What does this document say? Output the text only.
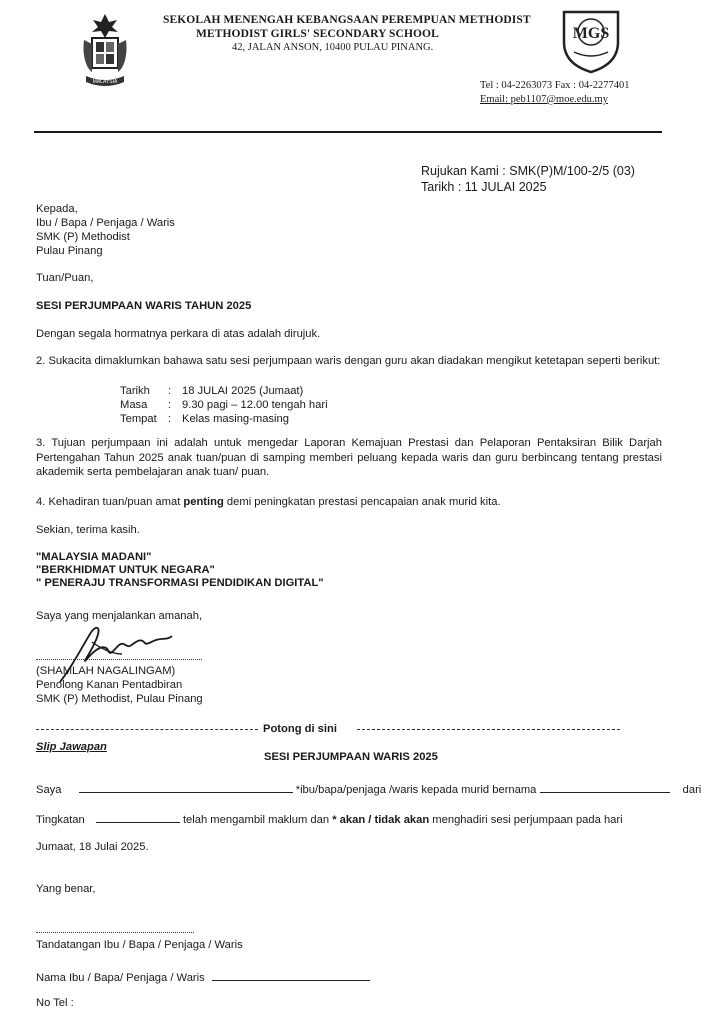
MALAYSIA
SEKOLAH MENENGAH KEBANGSAAN PEREMPUAN METHODIST
METHODIST GIRLS' SECONDARY SCHOOL
42, JALAN ANSON, 10400 PULAU PINANG.
MGS
Tel : 04-2263073 Fax : 04-2277401
Email: peb1107@moe.edu.my
Rujukan Kami : SMK(P)M/100-2/5 (03)
Tarikh : 11 JULAI 2025
Kepada,
Ibu / Bapa / Penjaga / Waris
SMK (P) Methodist
Pulau Pinang
Tuan/Puan,
SESI PERJUMPAAN WARIS TAHUN 2025
Dengan segala hormatnya perkara di atas adalah dirujuk.
2. Sukacita dimaklumkan bahawa satu sesi perjumpaan waris dengan guru akan diadakan mengikut ketetapan seperti berikut:
Tarikh : 18 JULAI 2025 (Jumaat)
Masa : 9.30 pagi – 12.00 tengah hari
Tempat : Kelas masing-masing
3. Tujuan perjumpaan ini adalah untuk mengedar Laporan Kemajuan Prestasi dan Pelaporan Pentaksiran Bilik Darjah Pertengahan Tahun 2025 anak tuan/puan di samping memberi peluang kepada waris dan guru berbincang tentang prestasi akademik serta pembelajaran anak tuan/ puan.
4. Kehadiran tuan/puan amat penting demi peningkatan prestasi pencapaian anak murid kita.
Sekian, terima kasih.
"MALAYSIA MADANI"
"BERKHIDMAT UNTUK NEGARA"
" PENERAJU TRANSFORMASI PENDIDIKAN DIGITAL"
Saya yang menjalankan amanah,
(SHAMLAH NAGALINGAM)
Penolong Kanan Pentadbiran
SMK (P) Methodist, Pulau Pinang
Potong di sini
Slip Jawapan
SESI PERJUMPAAN WARIS 2025
Saya	*ibu/bapa/penjaga /waris kepada murid bernama	dari
Tingkatan	telah mengambil maklum dan * akan / tidak akan menghadiri sesi perjumpaan pada hari
Jumaat, 18 Julai 2025.
Yang benar,
Tandatangan Ibu / Bapa / Penjaga / Waris
Nama Ibu / Bapa/ Penjaga / Waris
No Tel :
